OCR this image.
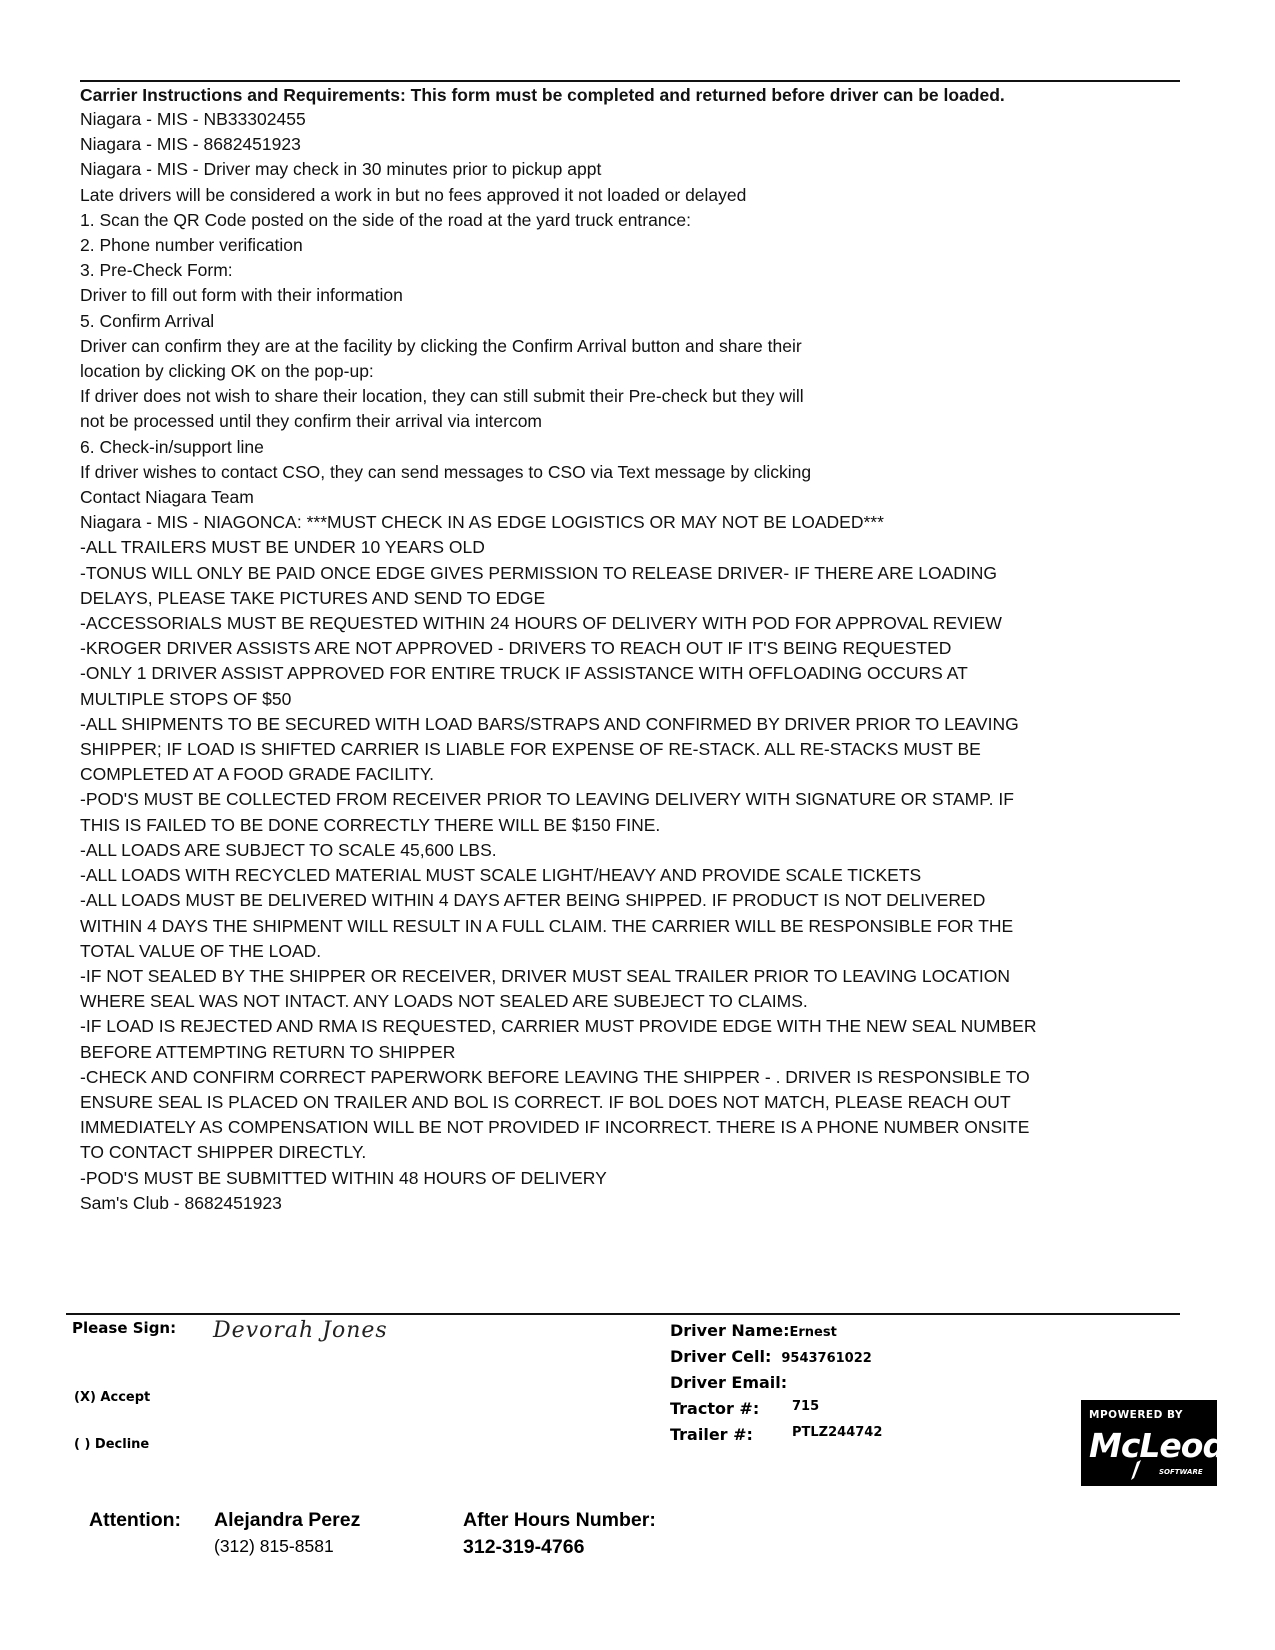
Carrier Instructions and Requirements: This form must be completed and returned before driver can be loaded.
Niagara - MIS - NB33302455
Niagara - MIS - 8682451923
Niagara - MIS - Driver may check in 30 minutes prior to pickup appt
Late drivers will be considered a work in but no fees approved it not loaded or delayed
1. Scan the QR Code posted on the side of the road at the yard truck entrance:
2. Phone number verification
3. Pre-Check Form:
Driver to fill out form with their information
5. Confirm Arrival
Driver can confirm they are at the facility by clicking the Confirm Arrival button and share their
location by clicking OK on the pop-up:
If driver does not wish to share their location, they can still submit their Pre-check but they will
not be processed until they confirm their arrival via intercom
6. Check-in/support line
If driver wishes to contact CSO, they can send messages to CSO via Text message by clicking
Contact Niagara Team
Niagara - MIS - NIAGONCA: ***MUST CHECK IN AS EDGE LOGISTICS OR MAY NOT BE LOADED***
-ALL TRAILERS MUST BE UNDER 10 YEARS OLD
-TONUS WILL ONLY BE PAID ONCE EDGE GIVES PERMISSION TO RELEASE DRIVER- IF THERE ARE LOADING
DELAYS, PLEASE TAKE PICTURES AND SEND TO EDGE
-ACCESSORIALS MUST BE REQUESTED WITHIN 24 HOURS OF DELIVERY WITH POD FOR APPROVAL REVIEW
-KROGER DRIVER ASSISTS ARE NOT APPROVED - DRIVERS TO REACH OUT IF IT'S BEING REQUESTED
-ONLY 1 DRIVER ASSIST APPROVED FOR ENTIRE TRUCK IF ASSISTANCE WITH OFFLOADING OCCURS AT
MULTIPLE STOPS OF $50
-ALL SHIPMENTS TO BE SECURED WITH LOAD BARS/STRAPS AND CONFIRMED BY DRIVER PRIOR TO LEAVING
SHIPPER; IF LOAD IS SHIFTED CARRIER IS LIABLE FOR EXPENSE OF RE-STACK. ALL RE-STACKS MUST BE
COMPLETED AT A FOOD GRADE FACILITY.
-POD'S MUST BE COLLECTED FROM RECEIVER PRIOR TO LEAVING DELIVERY WITH SIGNATURE OR STAMP. IF
THIS IS FAILED TO BE DONE CORRECTLY THERE WILL BE $150 FINE.
-ALL LOADS ARE SUBJECT TO SCALE 45,600 LBS.
-ALL LOADS WITH RECYCLED MATERIAL MUST SCALE LIGHT/HEAVY AND PROVIDE SCALE TICKETS
-ALL LOADS MUST BE DELIVERED WITHIN 4 DAYS AFTER BEING SHIPPED. IF PRODUCT IS NOT DELIVERED
WITHIN 4 DAYS THE SHIPMENT WILL RESULT IN A FULL CLAIM. THE CARRIER WILL BE RESPONSIBLE FOR THE
TOTAL VALUE OF THE LOAD.
-IF NOT SEALED BY THE SHIPPER OR RECEIVER, DRIVER MUST SEAL TRAILER PRIOR TO LEAVING LOCATION
WHERE SEAL WAS NOT INTACT. ANY LOADS NOT SEALED ARE SUBEJECT TO CLAIMS.
-IF LOAD IS REJECTED AND RMA IS REQUESTED, CARRIER MUST PROVIDE EDGE WITH THE NEW SEAL NUMBER
BEFORE ATTEMPTING RETURN TO SHIPPER
-CHECK AND CONFIRM CORRECT PAPERWORK BEFORE LEAVING THE SHIPPER - . DRIVER IS RESPONSIBLE TO
ENSURE SEAL IS PLACED ON TRAILER AND BOL IS CORRECT. IF BOL DOES NOT MATCH, PLEASE REACH OUT
IMMEDIATELY AS COMPENSATION WILL BE NOT PROVIDED IF INCORRECT. THERE IS A PHONE NUMBER ONSITE
TO CONTACT SHIPPER DIRECTLY.
-POD'S MUST BE SUBMITTED WITHIN 48 HOURS OF DELIVERY
Sam's Club - 8682451923
Please Sign: Devorah Jones
(X) Accept
( ) Decline
Driver Name: Ernest
Driver Cell: 9543761022
Driver Email:
Tractor #:	715
Trailer #:	PTLZ244742
MPOWERED BY
McLeod
SOFTWARE
Attention: Alejandra Perez
(312) 815-8581
After Hours Number:
312-319-4766
